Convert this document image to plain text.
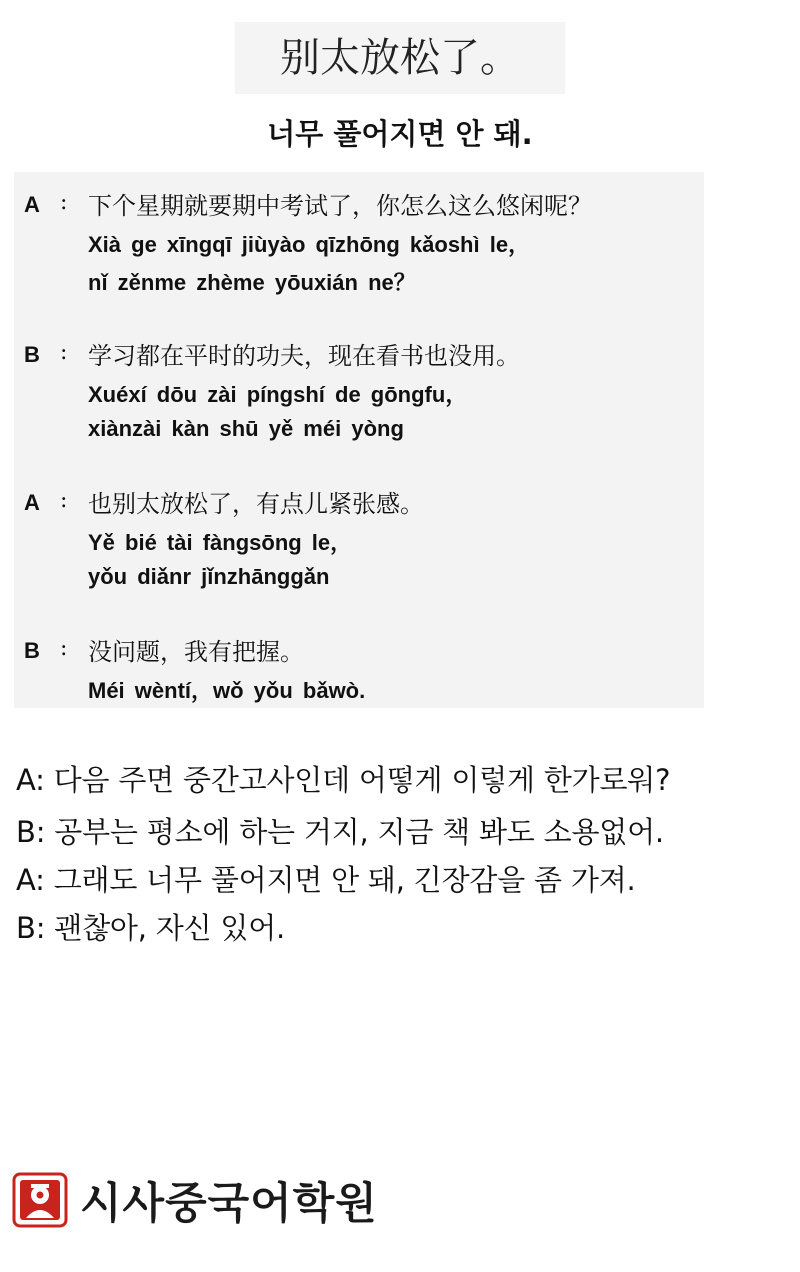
别太放松了。
너무 풀어지면 안 돼.
A : 下个星期就要期中考试了，你怎么这么悠闲呢？
Xià ge xīngqī jiùyào qīzhōng kǎoshì le，
nǐ zěnme zhème yōuxián ne？
B : 学习都在平时的功夫，现在看书也没用。
Xuéxí dōu zài píngshí de gōngfu，
xiànzài kàn shū yě méi yòng
A : 也别太放松了，有点儿紧张感。
Yě bié tài fàngsōng le，
yǒu diǎnr jǐnzhānggǎn
B : 没问题，我有把握。
Méi wèntí，wǒ yǒu bǎwò.
A: 다음 주면 중간고사인데 어떻게 이렇게 한가로워?
B: 공부는 평소에 하는 거지, 지금 책 봐도 소용없어.
A: 그래도 너무 풀어지면 안 돼, 긴장감을 좀 가져.
B: 괜찮아, 자신 있어.
시사중국어학원
